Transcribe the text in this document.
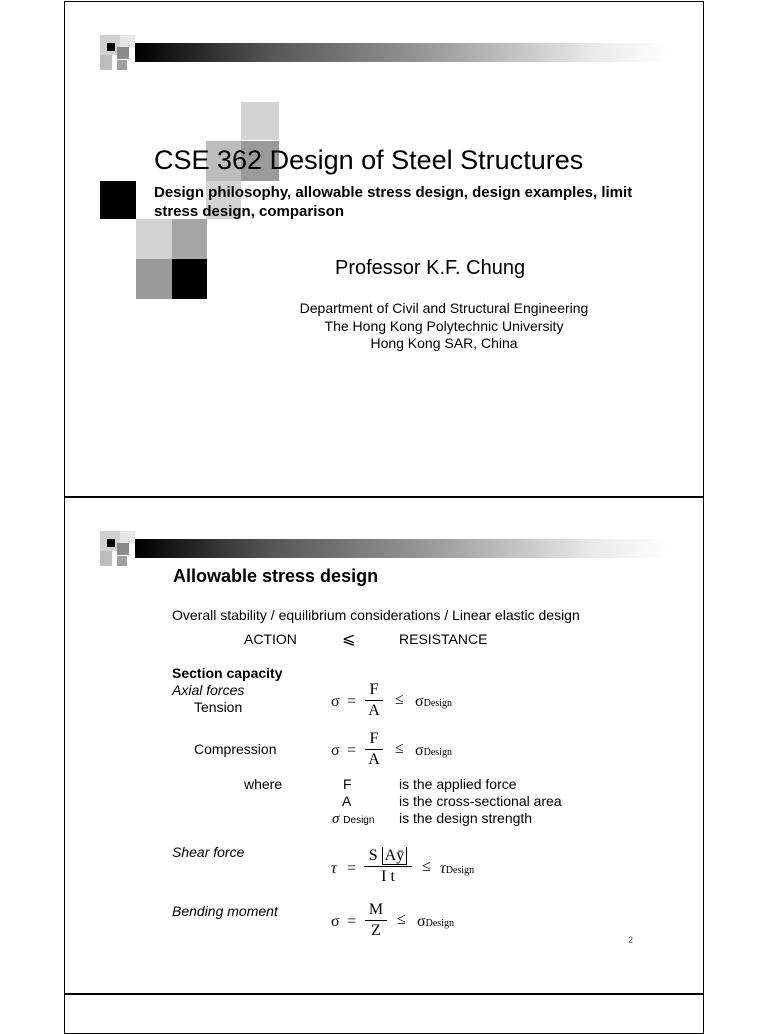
CSE 362 Design of Steel Structures
Design philosophy, allowable stress design, design examples, limit stress design, comparison
Professor K.F. Chung
Department of Civil and Structural Engineering
The Hong Kong Polytechnic University
Hong Kong SAR, China
Allowable stress design
Overall stability / equilibrium considerations / Linear elastic design
ACTION	⩽	RESISTANCE
Section capacity
Axial forces
Tension	σ =
F
A
≤ σDesign
Compression	σ =
F
A
≤ σDesign
where	F	is the applied force
A	is the cross-sectional area
σ Design is the design strength
Shear force
τ =
S Aȳ
I t
≤ τDesign
Bending moment
σ =
M
Z
≤ σDesign
2
